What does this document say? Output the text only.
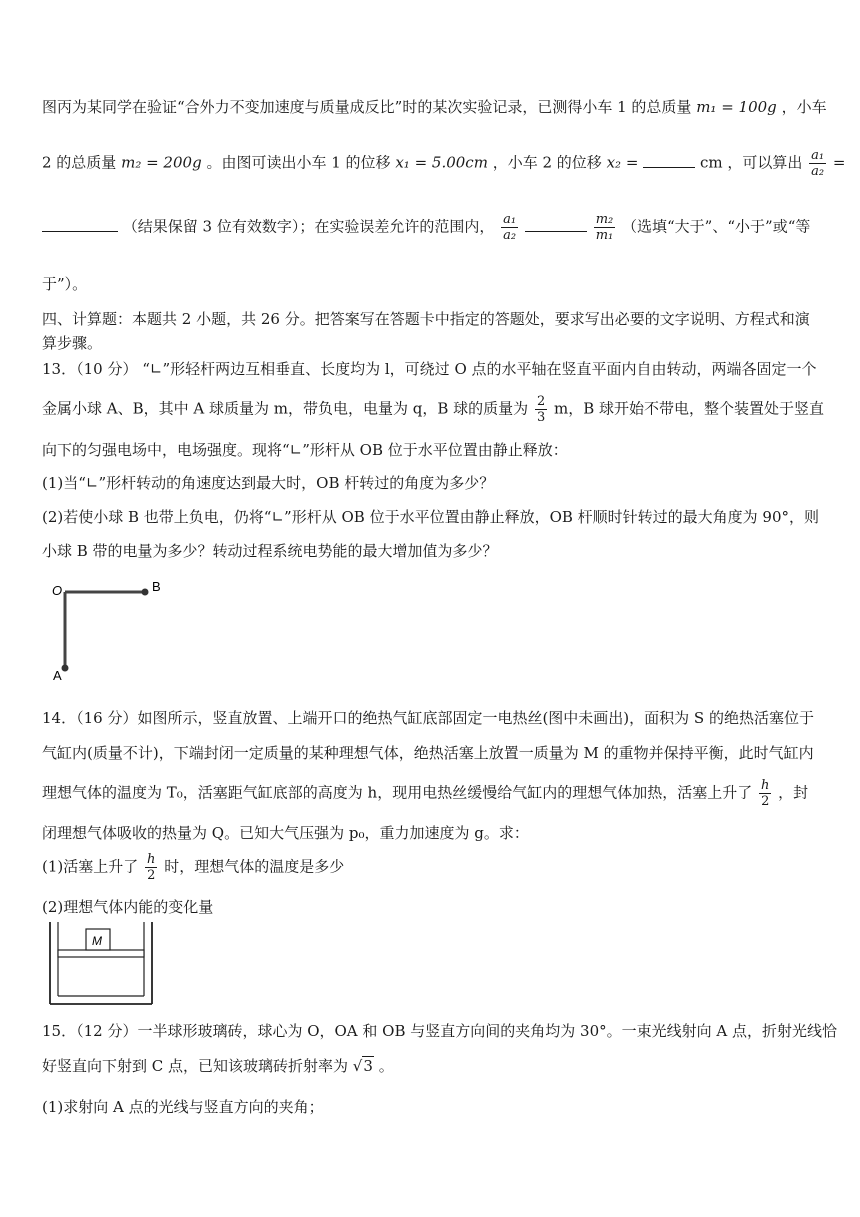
图丙为某同学在验证“合外力不变加速度与质量成反比”时的某次实验记录，已测得小车 1 的总质量 m₁ = 100g ，小车
2 的总质量 m₂ = 200g 。由图可读出小车 1 的位移 x₁ = 5.00cm ，小车 2 的位移 x₂ =	cm ，可以算出 $\frac{\text{a₁}}{\text{a₂}}$ =
（结果保留 3 位有效数字）；在实验误差允许的范围内， $\frac{\text{a₁}}{\text{a₂}}$
	$\frac{\text{m₂}}{\text{m₁}}$ （选填“大于”、“小于”或“等
于”）。
四、计算题：本题共 2 小题，共 26 分。把答案写在答题卡中指定的答题处，要求写出必要的文字说明、方程式和演
算步骤。
13．（10 分） “∟”形轻杆两边互相垂直、长度均为 l，可绕过 O 点的水平轴在竖直平面内自由转动，两端各固定一个
金属小球 A、B，其中 A 球质量为 m，带负电，电量为 q，B 球的质量为 $\frac{2}{3}$ m，B 球开始不带电，整个装置处于竖直
向下的匀强电场中，电场强度。现将“∟”形杆从 OB 位于水平位置由静止释放：
(1)当“∟”形杆转动的角速度达到最大时，OB 杆转过的角度为多少？
(2)若使小球 B 也带上负电，仍将“∟”形杆从 OB 位于水平位置由静止释放，OB 杆顺时针转过的最大角度为 90°，则
小球 B 带的电量为多少？转动过程系统电势能的最大增加值为多少？
O	B
A
14．（16 分）如图所示，竖直放置、上端开口的绝热气缸底部固定一电热丝(图中未画出)，面积为 S 的绝热活塞位于
气缸内(质量不计)，下端封闭一定质量的某种理想气体，绝热活塞上放置一质量为 M 的重物并保持平衡，此时气缸内
理想气体的温度为 T₀，活塞距气缸底部的高度为 h，现用电热丝缓慢给气缸内的理想气体加热，活塞上升了 $\frac{h}{2}$ ，封
闭理想气体吸收的热量为 Q。已知大气压强为 p₀，重力加速度为 g。求：
(1)活塞上升了 $\frac{h}{2}$ 时，理想气体的温度是多少
(2)理想气体内能的变化量
M
15．（12 分）一半球形玻璃砖，球心为 O，OA 和 OB 与竖直方向间的夹角均为 30°。一束光线射向 A 点，折射光线恰
好竖直向下射到 C 点，已知该玻璃砖折射率为 √3 。
(1)求射向 A 点的光线与竖直方向的夹角；
